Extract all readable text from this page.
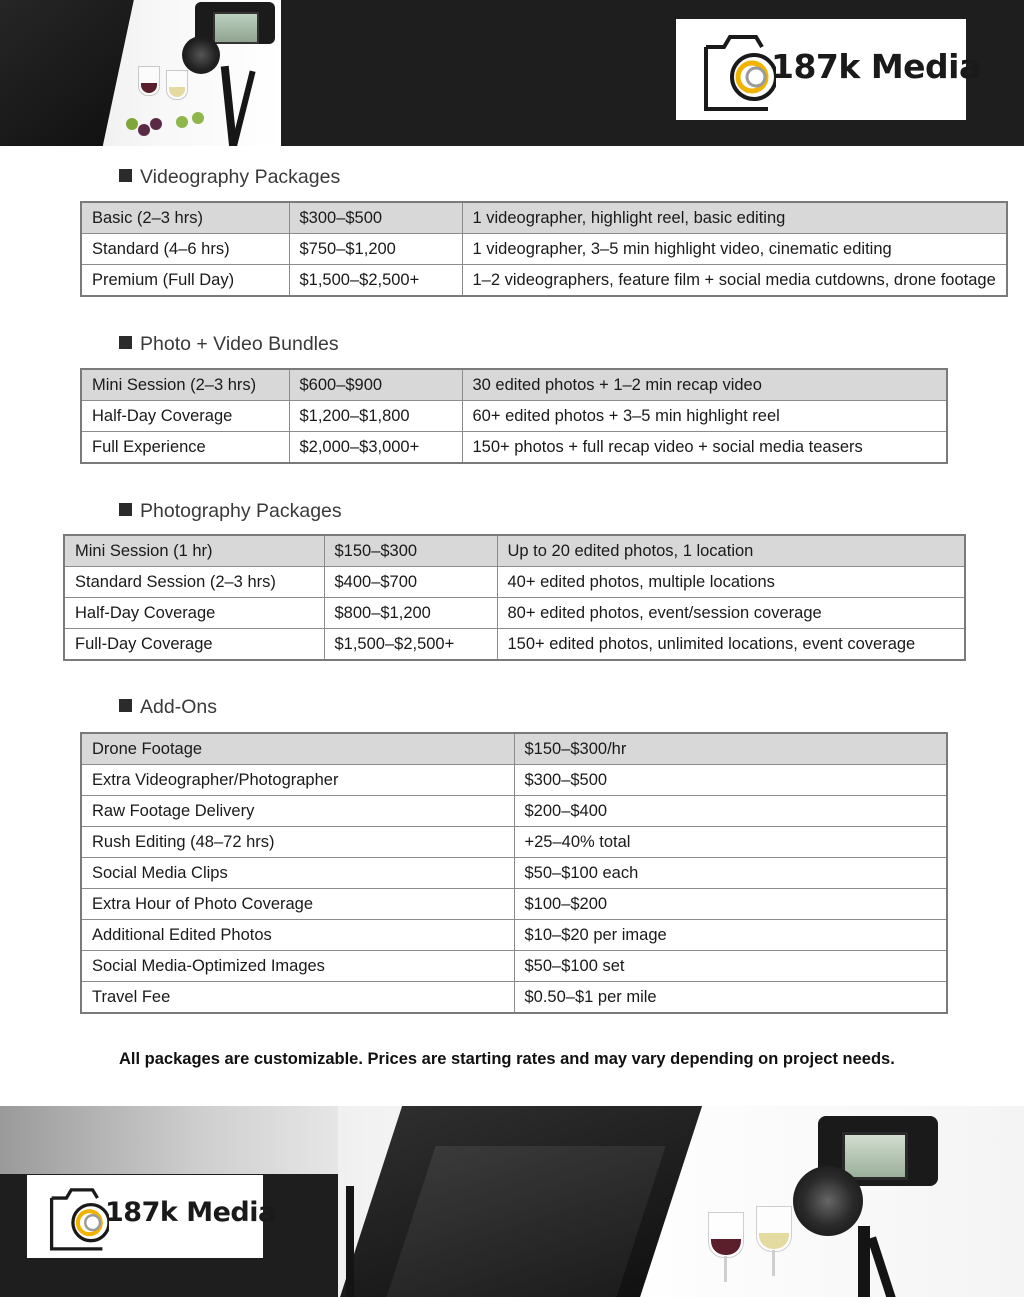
187k Media
Videography Packages
Basic (2–3 hrs)	$300–$500	1 videographer, highlight reel, basic editing
Standard (4–6 hrs)	$750–$1,200	1 videographer, 3–5 min highlight video, cinematic editing
Premium (Full Day)	$1,500–$2,500+	1–2 videographers, feature film + social media cutdowns, drone footage
Photo + Video Bundles
Mini Session (2–3 hrs)	$600–$900	30 edited photos + 1–2 min recap video
Half-Day Coverage	$1,200–$1,800	60+ edited photos + 3–5 min highlight reel
Full Experience	$2,000–$3,000+	150+ photos + full recap video + social media teasers
Photography Packages
Mini Session (1 hr)	$150–$300	Up to 20 edited photos, 1 location
Standard Session (2–3 hrs)	$400–$700	40+ edited photos, multiple locations
Half-Day Coverage	$800–$1,200	80+ edited photos, event/session coverage
Full-Day Coverage	$1,500–$2,500+	150+ edited photos, unlimited locations, event coverage
Add-Ons
Drone Footage	$150–$300/hr
Extra Videographer/Photographer	$300–$500
Raw Footage Delivery	$200–$400
Rush Editing (48–72 hrs)	+25–40% total
Social Media Clips	$50–$100 each
Extra Hour of Photo Coverage	$100–$200
Additional Edited Photos	$10–$20 per image
Social Media-Optimized Images	$50–$100 set
Travel Fee	$0.50–$1 per mile
All packages are customizable. Prices are starting rates and may vary depending on project needs.
187k Media
